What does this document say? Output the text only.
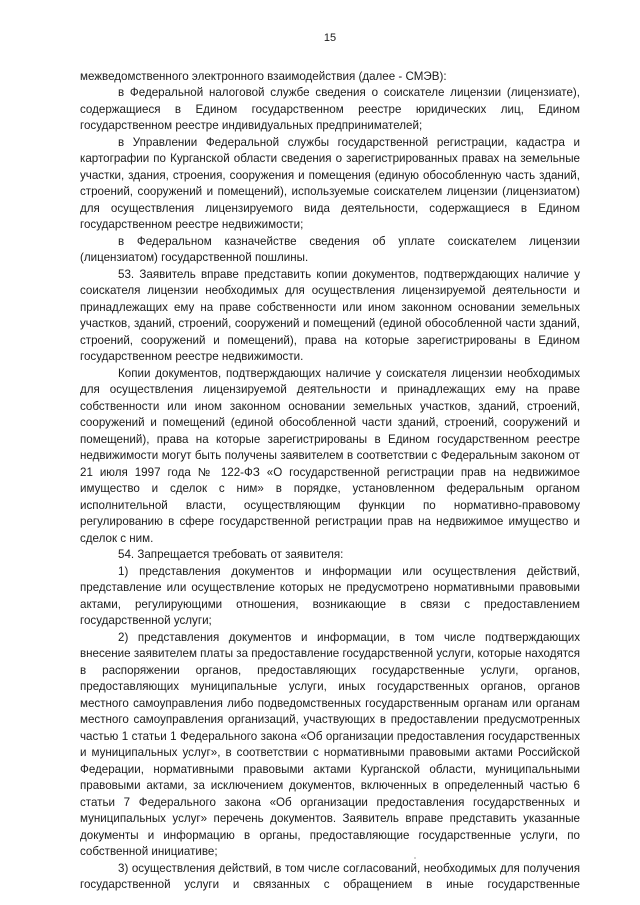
15

межведомственного электронного взаимодействия (далее - СМЭВ):

в Федеральной налоговой службе сведения о соискателе лицензии (лицензиате), содержащиеся в Едином государственном реестре юридических лиц, Едином государственном реестре индивидуальных предпринимателей;

в Управлении Федеральной службы государственной регистрации, кадастра и картографии по Курганской области сведения о зарегистрированных правах на земельные участки, здания, строения, сооружения и помещения (единую обособленную часть зданий, строений, сооружений и помещений), используемые соискателем лицензии (лицензиатом) для осуществления лицензируемого вида деятельности, содержащиеся в Едином государственном реестре недвижимости;

в Федеральном казначействе сведения об уплате соискателем лицензии (лицензиатом) государственной пошлины.

53. Заявитель вправе представить копии документов, подтверждающих наличие у соискателя лицензии необходимых для осуществления лицензируемой деятельности и принадлежащих ему на праве собственности или ином законном основании земельных участков, зданий, строений, сооружений и помещений (единой обособленной части зданий, строений, сооружений и помещений), права на которые зарегистрированы в Едином государственном реестре недвижимости.

Копии документов, подтверждающих наличие у соискателя лицензии необходимых для осуществления лицензируемой деятельности и принадлежащих ему на праве собственности или ином законном основании земельных участков, зданий, строений, сооружений и помещений (единой обособленной части зданий, строений, сооружений и помещений), права на которые зарегистрированы в Едином государственном реестре недвижимости могут быть получены заявителем в соответствии с Федеральным законом от 21 июля 1997 года № 122-ФЗ «О государственной регистрации прав на недвижимое имущество и сделок с ним» в порядке, установленном федеральным органом исполнительной власти, осуществляющим функции по нормативно-правовому регулированию в сфере государственной регистрации прав на недвижимое имущество и сделок с ним.

54. Запрещается требовать от заявителя:

1) представления документов и информации или осуществления действий, представление или осуществление которых не предусмотрено нормативными правовыми актами, регулирующими отношения, возникающие в связи с предоставлением государственной услуги;

2) представления документов и информации, в том числе подтверждающих внесение заявителем платы за предоставление государственной услуги, которые находятся в распоряжении органов, предоставляющих государственные услуги, органов, предоставляющих муниципальные услуги, иных государственных органов, органов местного самоуправления либо подведомственных государственным органам или органам местного самоуправления организаций, участвующих в предоставлении предусмотренных частью 1 статьи 1 Федерального закона «Об организации предоставления государственных и муниципальных услуг», в соответствии с нормативными правовыми актами Российской Федерации, нормативными правовыми актами Курганской области, муниципальными правовыми актами, за исключением документов, включенных в определенный частью 6 статьи 7 Федерального закона «Об организации предоставления государственных и муниципальных услуг» перечень документов. Заявитель вправе представить указанные документы и информацию в органы, предоставляющие государственные услуги, по собственной инициативе;

3) осуществления действий, в том числе согласований, необходимых для получения государственной услуги и связанных с обращением в иные государственные
